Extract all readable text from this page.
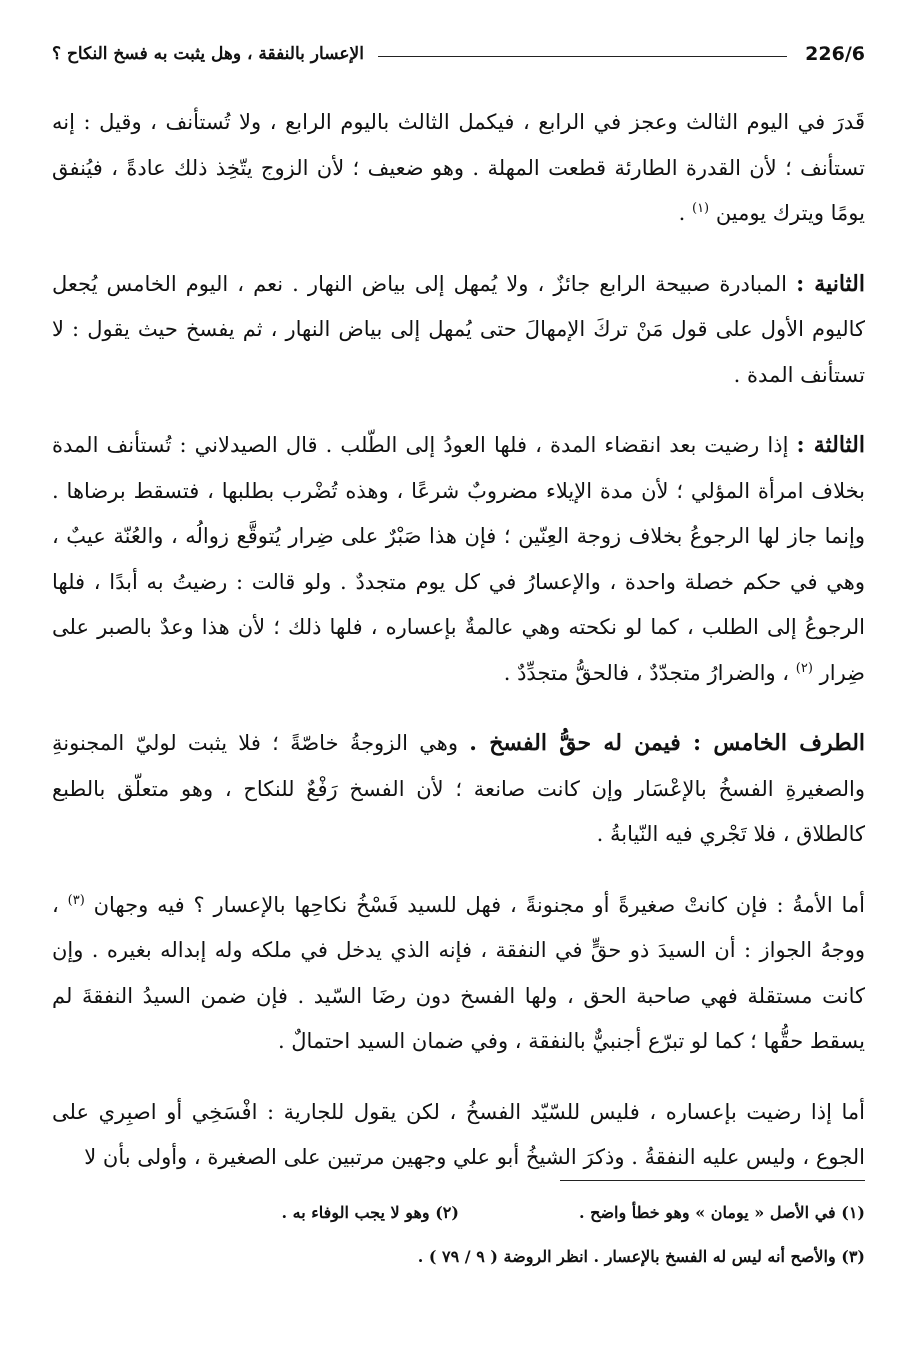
226/6
الإعسار بالنفقة ، وهل يثبت به فسخ النكاح ؟

قَدرَ في اليوم الثالث وعجز في الرابع ، فيكمل الثالث باليوم الرابع ، ولا تُستأنف ، وقيل : إنه تستأنف ؛ لأن القدرة الطارئة قطعت المهلة . وهو ضعيف ؛ لأن الزوج يتّخِذ ذلك عادةً ، فيُنفق يومًا ويترك يومين $^{(١)}$ .

الثانية : المبادرة صبيحة الرابع جائزٌ ، ولا يُمهل إلى بياض النهار . نعم ، اليوم الخامس يُجعل كاليوم الأول على قول مَنْ تركَ الإمهالَ حتى يُمهل إلى بياض النهار ، ثم يفسخ حيث يقول : لا تستأنف المدة .

الثالثة : إذا رضيت بعد انقضاء المدة ، فلها العودُ إلى الطّلب . قال الصيدلاني : تُستأنف المدة بخلاف امرأة المؤلي ؛ لأن مدة الإيلاء مضروبٌ شرعًا ، وهذه تُضْرب بطلبها ، فتسقط برضاها . وإنما جاز لها الرجوعُ بخلاف زوجة العِنّين ؛ فإن هذا صَبْرٌ على ضِرار يُتوقَّع زوالُه ، والعُنّة عيبٌ ، وهي في حكم خصلة واحدة ، والإعسارُ في كل يوم متجددٌ . ولو قالت : رضيتُ به أبدًا ، فلها الرجوعُ إلى الطلب ، كما لو نكحته وهي عالمةٌ بإعساره ، فلها ذلك ؛ لأن هذا وعدٌ بالصبر على ضِرار $^{(٢)}$ ، والضرارُ متجدّدٌ ، فالحقُّ متجدِّدٌ .

الطرف الخامس : فيمن له حقُّ الفسخ . وهي الزوجةُ خاصّةً ؛ فلا يثبت لوليّ المجنونةِ والصغيرةِ الفسخُ بالإعْسَار وإن كانت صانعة ؛ لأن الفسخ رَفْعٌ للنكاح ، وهو متعلّق بالطبع كالطلاق ، فلا تَجْري فيه النّيابةُ .

أما الأمةُ : فإن كانتْ صغيرةً أو مجنونةً ، فهل للسيد فَسْخُ نكاحِها بالإعسار ؟ فيه وجهان $^{(٣)}$ ، ووجهُ الجواز : أن السيدَ ذو حقٍّ في النفقة ، فإنه الذي يدخل في ملكه وله إبداله بغيره . وإن كانت مستقلة فهي صاحبة الحق ، ولها الفسخ دون رضَا السّيد . فإن ضمن السيدُ النفقةَ لم يسقط حقُّها ؛ كما لو تبرّع أجنبيٌّ بالنفقة ، وفي ضمان السيد احتمالٌ .

أما إذا رضيت بإعساره ، فليس للسّيّد الفسخُ ، لكن يقول للجارية : افْسَخِي أو اصبِري على الجوع ، وليس عليه النفقةُ . وذكرَ الشيخُ أبو علي وجهين مرتبين على الصغيرة ، وأولى بأن لا

(١) في الأصل « يومان » وهو خطأ واضح .
(٢) وهو لا يجب الوفاء به .
(٣) والأصح أنه ليس له الفسخ بالإعسار . انظر الروضة ( ٩ / ٧٩ ) .
